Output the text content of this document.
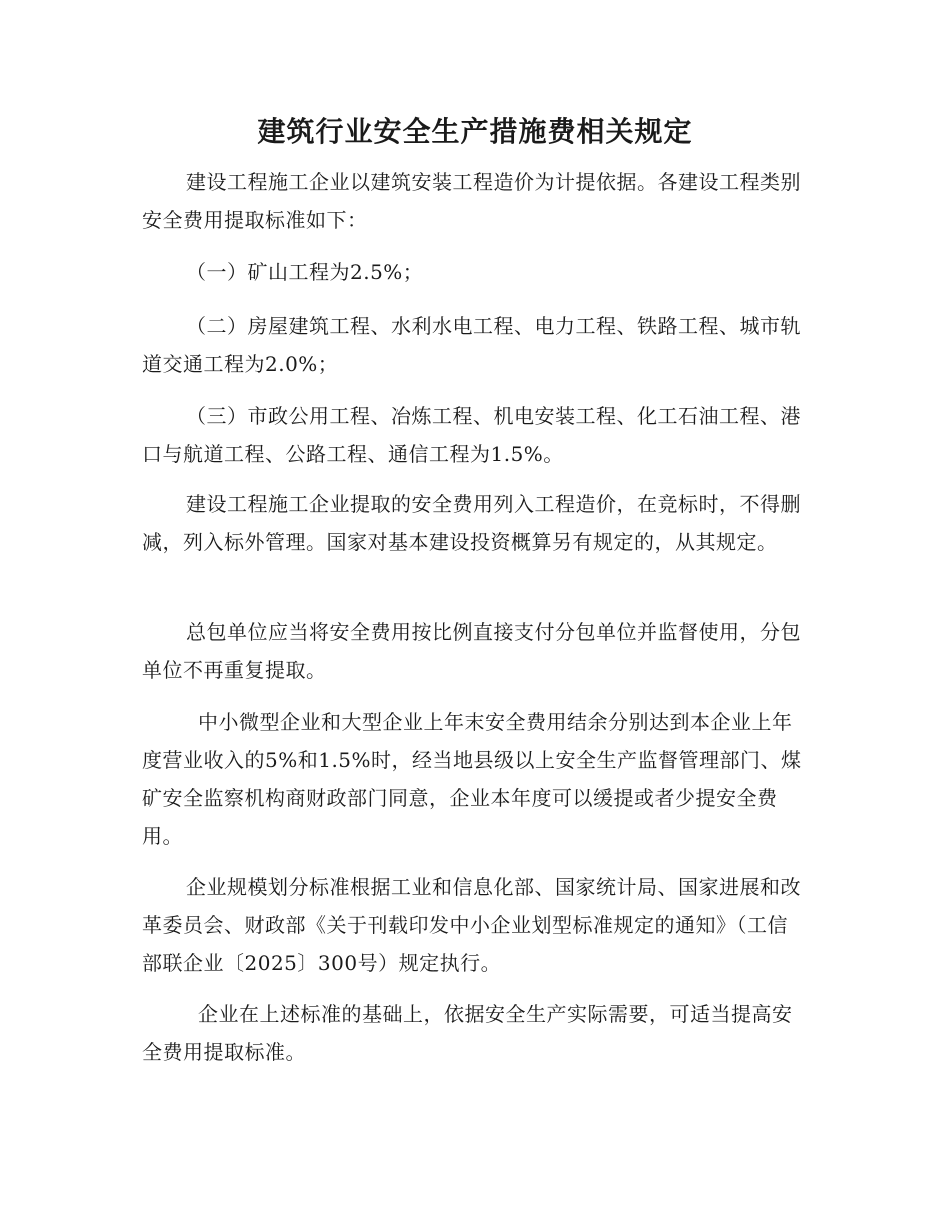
建筑行业安全生产措施费相关规定

建设工程施工企业以建筑安装工程造价为计提依据。各建设工程类别安全费用提取标准如下：

（一）矿山工程为2.5%；

（二）房屋建筑工程、水利水电工程、电力工程、铁路工程、城市轨道交通工程为2.0%；

（三）市政公用工程、冶炼工程、机电安装工程、化工石油工程、港口与航道工程、公路工程、通信工程为1.5%。

建设工程施工企业提取的安全费用列入工程造价，在竞标时，不得删减，列入标外管理。国家对基本建设投资概算另有规定的，从其规定。

总包单位应当将安全费用按比例直接支付分包单位并监督使用，分包单位不再重复提取。

中小微型企业和大型企业上年末安全费用结余分别达到本企业上年度营业收入的5%和1.5%时，经当地县级以上安全生产监督管理部门、煤矿安全监察机构商财政部门同意，企业本年度可以缓提或者少提安全费用。

企业规模划分标准根据工业和信息化部、国家统计局、国家进展和改革委员会、财政部《关于刊载印发中小企业划型标准规定的通知》（工信部联企业〔2025〕300号）规定执行。

企业在上述标准的基础上，依据安全生产实际需要，可适当提高安全费用提取标准。
